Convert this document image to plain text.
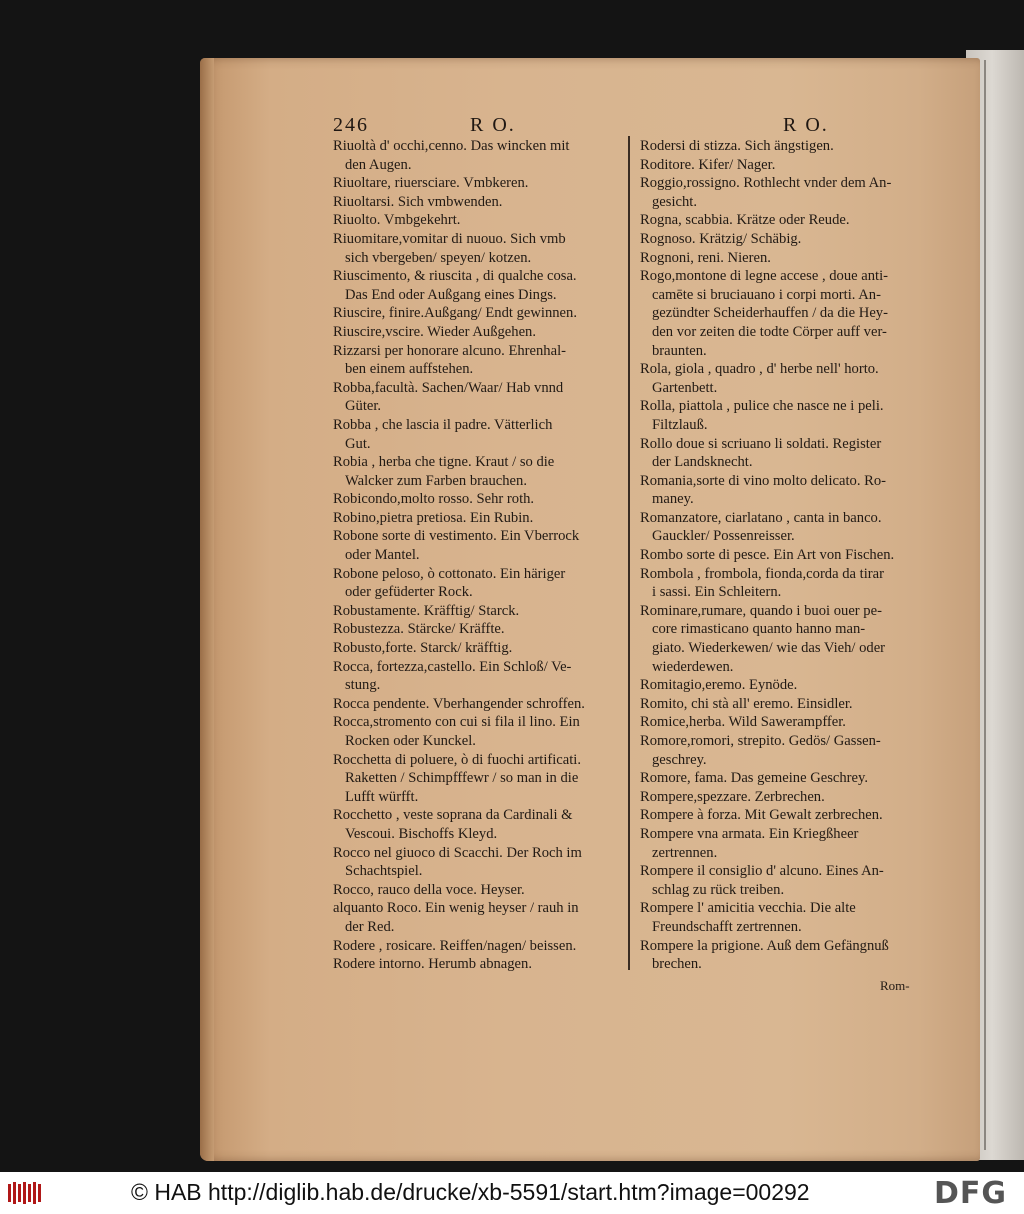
246	R O.	R O.
Riuoltà d' occhi,cenno. Das wincken mit
den Augen.
Riuoltare, riuersciare. Vmbkeren.
Riuoltarsi. Sich vmbwenden.
Riuolto. Vmbgekehrt.
Riuomitare,vomitar di nuouo. Sich vmb
sich vbergeben/ speyen/ kotzen.
Riuscimento, & riuscita , di qualche cosa.
Das End oder Außgang eines Dings.
Riuscire, finire.Außgang/ Endt gewinnen.
Riuscire,vscire. Wieder Außgehen.
Rizzarsi per honorare alcuno. Ehrenhal-
ben einem auffstehen.
Robba,facultà. Sachen/Waar/ Hab vnnd
Güter.
Robba , che lascia il padre. Vätterlich
Gut.
Robia , herba che tigne. Kraut / so die
Walcker zum Farben brauchen.
Robicondo,molto rosso. Sehr roth.
Robino,pietra pretiosa. Ein Rubin.
Robone sorte di vestimento. Ein Vberrock
oder Mantel.
Robone peloso, ò cottonato. Ein häriger
oder gefüderter Rock.
Robustamente. Kräfftig/ Starck.
Robustezza. Stärcke/ Kräffte.
Robusto,forte. Starck/ kräfftig.
Rocca, fortezza,castello. Ein Schloß/ Ve-
stung.
Rocca pendente. Vberhangender schroffen.
Rocca,stromento con cui si fila il lino. Ein
Rocken oder Kunckel.
Rocchetta di poluere, ò di fuochi artificati.
Raketten / Schimpfffewr / so man in die
Lufft würfft.
Rocchetto , veste soprana da Cardinali &
Vescoui. Bischoffs Kleyd.
Rocco nel giuoco di Scacchi. Der Roch im
Schachtspiel.
Rocco, rauco della voce. Heyser.
alquanto Roco. Ein wenig heyser / rauh in
der Red.
Rodere , rosicare. Reiffen/nagen/ beissen.
Rodere intorno. Herumb abnagen.
Rodersi di stizza. Sich ängstigen.
Roditore. Kifer/ Nager.
Roggio,rossigno. Rothlecht vnder dem An-
gesicht.
Rogna, scabbia. Krätze oder Reude.
Rognoso. Krätzig/ Schäbig.
Rognoni, reni. Nieren.
Rogo,montone di legne accese , doue anti-
camēte si bruciauano i corpi morti. An-
gezündter Scheiderhauffen / da die Hey-
den vor zeiten die todte Cörper auff ver-
braunten.
Rola, giola , quadro , d' herbe nell' horto.
Gartenbett.
Rolla, piattola , pulice che nasce ne i peli.
Filtzlauß.
Rollo doue si scriuano li soldati. Register
der Landsknecht.
Romania,sorte di vino molto delicato. Ro-
maney.
Romanzatore, ciarlatano , canta in banco.
Gauckler/ Possenreisser.
Rombo sorte di pesce. Ein Art von Fischen.
Rombola , frombola, fionda,corda da tirar
i sassi. Ein Schleitern.
Rominare,rumare, quando i buoi ouer pe-
core rimasticano quanto hanno man-
giato. Wiederkewen/ wie das Vieh/ oder
wiederdewen.
Romitagio,eremo. Eynöde.
Romito, chi stà all' eremo. Einsidler.
Romice,herba. Wild Sawerampffer.
Romore,romori, strepito. Gedös/ Gassen-
geschrey.
Romore, fama. Das gemeine Geschrey.
Rompere,spezzare. Zerbrechen.
Rompere à forza. Mit Gewalt zerbrechen.
Rompere vna armata. Ein Kriegßheer
zertrennen.
Rompere il consiglio d' alcuno. Eines An-
schlag zu rück treiben.
Rompere l' amicitia vecchia. Die alte
Freundschafft zertrennen.
Rompere la prigione. Auß dem Gefängnuß
brechen.
Rom-
© HAB http://diglib.hab.de/drucke/xb-5591/start.htm?image=00292	DFG
